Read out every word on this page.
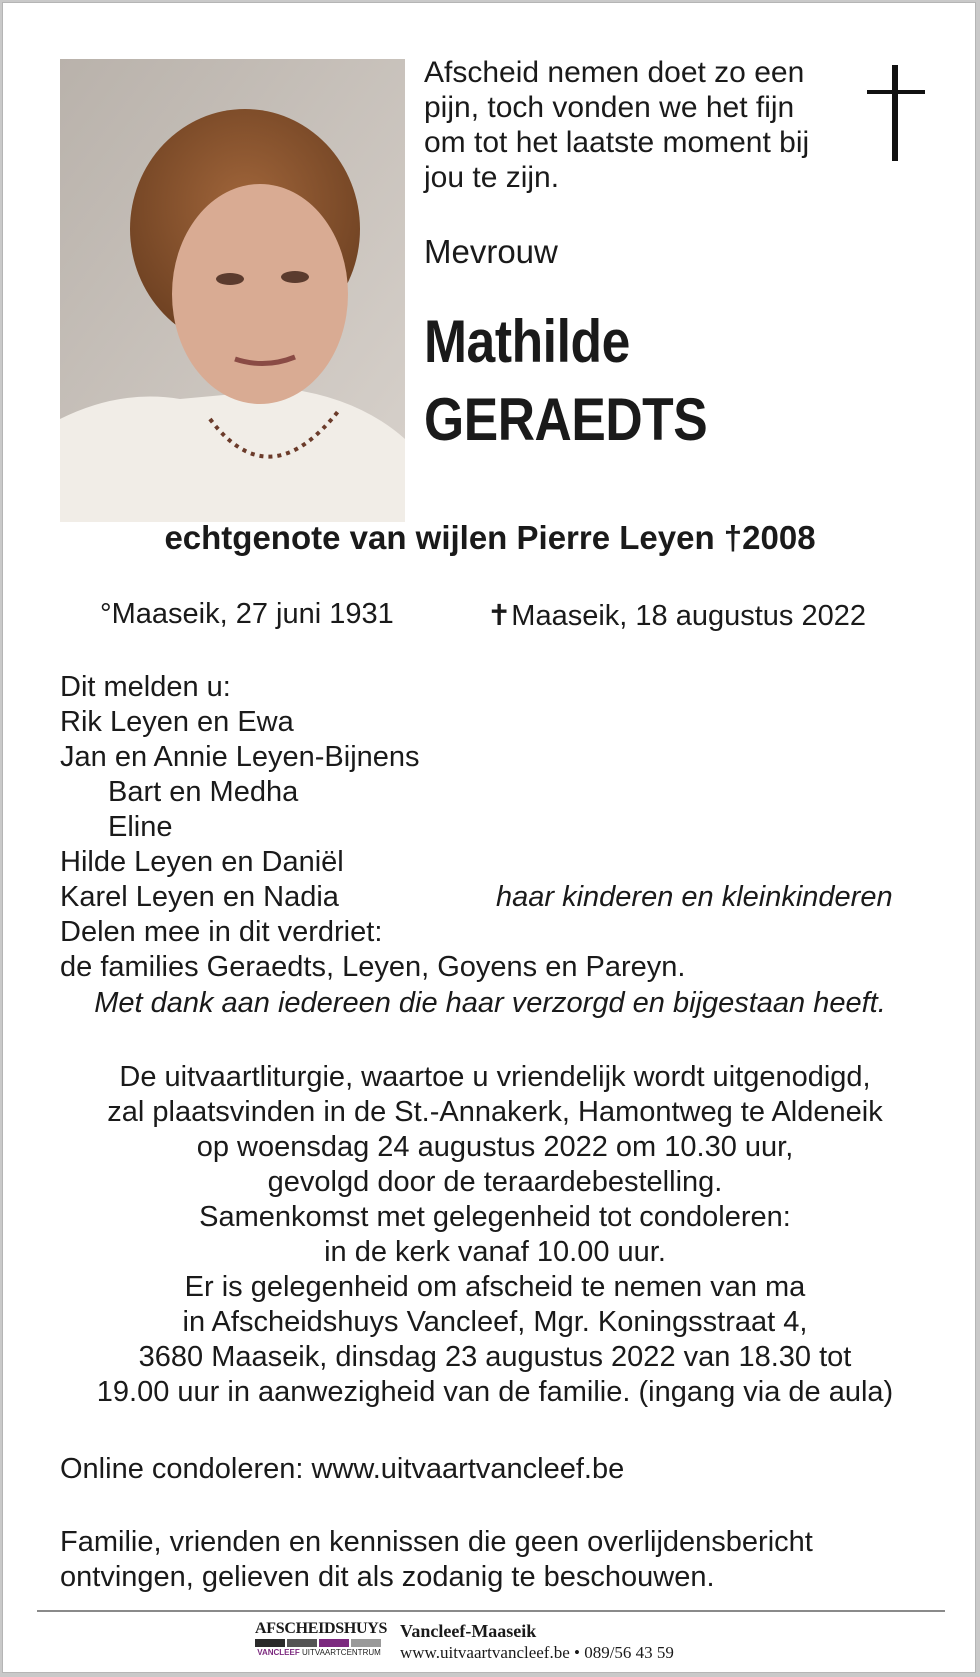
Afscheid nemen doet zo een
pijn, toch vonden we het fijn
om tot het laatste moment bij
jou te zijn.
Mevrouw
Mathilde
GERAEDTS
echtgenote van wijlen Pierre Leyen †2008
°Maaseik, 27 juni 1931	✝Maaseik, 18 augustus 2022
Dit melden u:
Rik Leyen en Ewa
Jan en Annie Leyen-Bijnens
Bart en Medha
Eline
Hilde Leyen en Daniël
Karel Leyen en Nadia	haar kinderen en kleinkinderen
Delen mee in dit verdriet:
de families Geraedts, Leyen, Goyens en Pareyn.
Met dank aan iedereen die haar verzorgd en bijgestaan heeft.
De uitvaartliturgie, waartoe u vriendelijk wordt uitgenodigd,
zal plaatsvinden in de St.-Annakerk, Hamontweg te Aldeneik
op woensdag 24 augustus 2022 om 10.30 uur,
gevolgd door de teraardebestelling.
Samenkomst met gelegenheid tot condoleren:
in de kerk vanaf 10.00 uur.
Er is gelegenheid om afscheid te nemen van ma
in Afscheidshuys Vancleef, Mgr. Koningsstraat 4,
3680 Maaseik, dinsdag 23 augustus 2022 van 18.30 tot
19.00 uur in aanwezigheid van de familie. (ingang via de aula)
Online condoleren: www.uitvaartvancleef.be
Familie, vrienden en kennissen die geen overlijdensbericht
ontvingen, gelieven dit als zodanig te beschouwen.
AFSCHEIDSHUYS
VANCLEEF UITVAARTCENTRUM
Vancleef-Maaseik
www.uitvaartvancleef.be • 089/56 43 59
